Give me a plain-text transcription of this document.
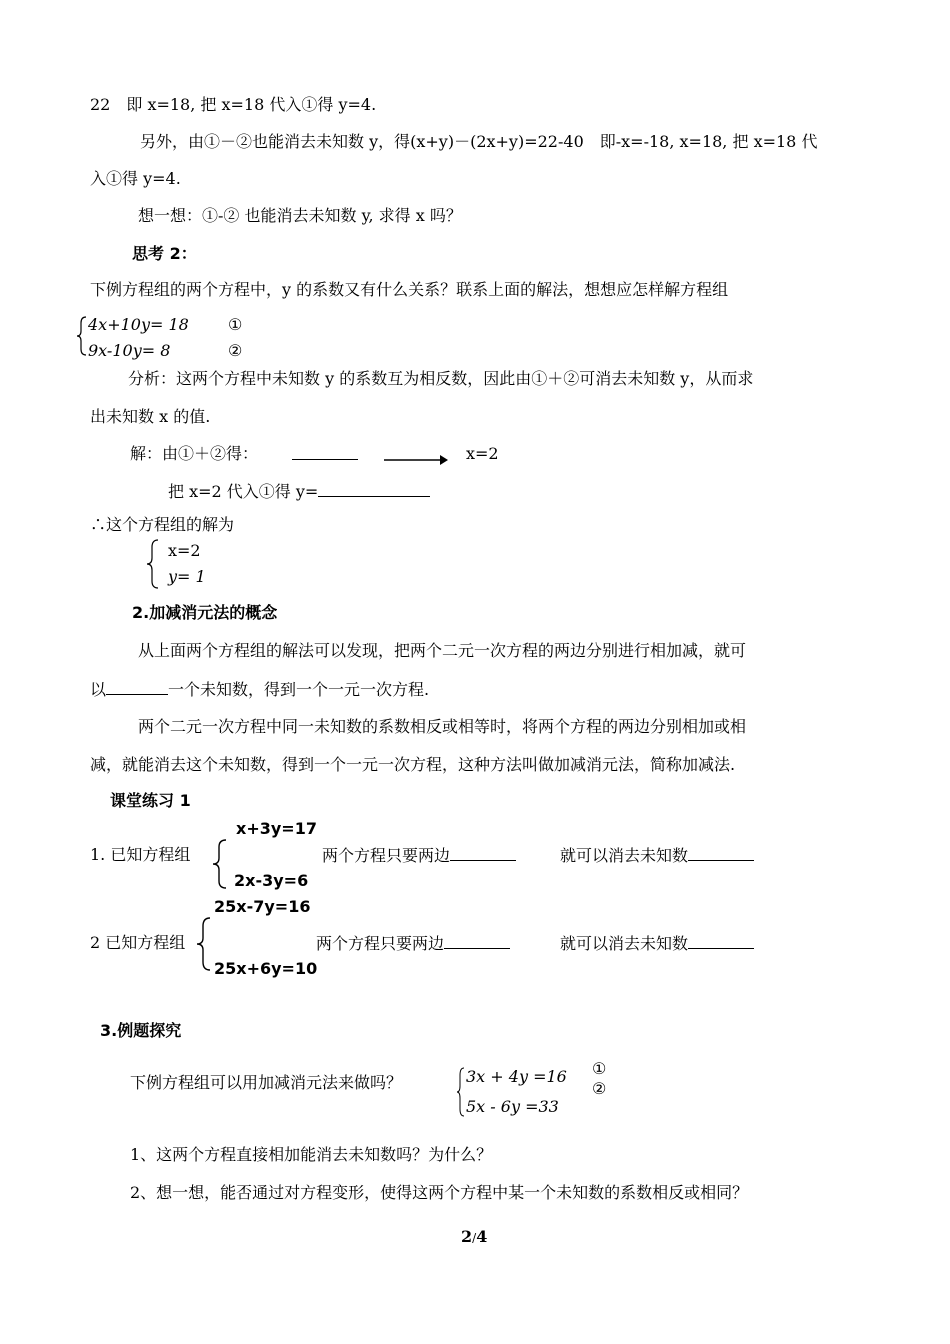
22　即 x=18, 把 x=18 代入①得 y=4.
另外，由①－②也能消去未知数 y，得(x+y)－(2x+y)=22-40　即-x=-18, x=18, 把 x=18 代
入①得 y=4.
想一想：①-② 也能消去未知数 y, 求得 x 吗？
思考 2：
下例方程组的两个方程中，y 的系数又有什么关系？联系上面的解法，想想应怎样解方程组
4x+10y= 18
9x-10y= 8
①
②
分析：这两个方程中未知数 y 的系数互为相反数，因此由①＋②可消去未知数 y，从而求
出未知数 x 的值.
解：由①＋②得：	x=2
把 x=2 代入①得 y=
∴这个方程组的解为
x=2
y= 1
2.加减消元法的概念
从上面两个方程组的解法可以发现，把两个二元一次方程的两边分别进行相加减，就可
以	一个未知数，得到一个一元一次方程.
两个二元一次方程中同一未知数的系数相反或相等时，将两个方程的两边分别相加或相
减，就能消去这个未知数，得到一个一元一次方程，这种方法叫做加减消元法，简称加减法.
课堂练习 1
x+3y=17
1. 已知方程组
2x-3y=6
两个方程只要两边	就可以消去未知数
25x-7y=16
2 已知方程组
25x+6y=10
两个方程只要两边	就可以消去未知数
3.例题探究
下例方程组可以用加减消元法来做吗？	3x + 4y =16
5x - 6y =33
①
②
1、这两个方程直接相加能消去未知数吗？为什么？
2、想一想，能否通过对方程变形，使得这两个方程中某一个未知数的系数相反或相同？
2/4
